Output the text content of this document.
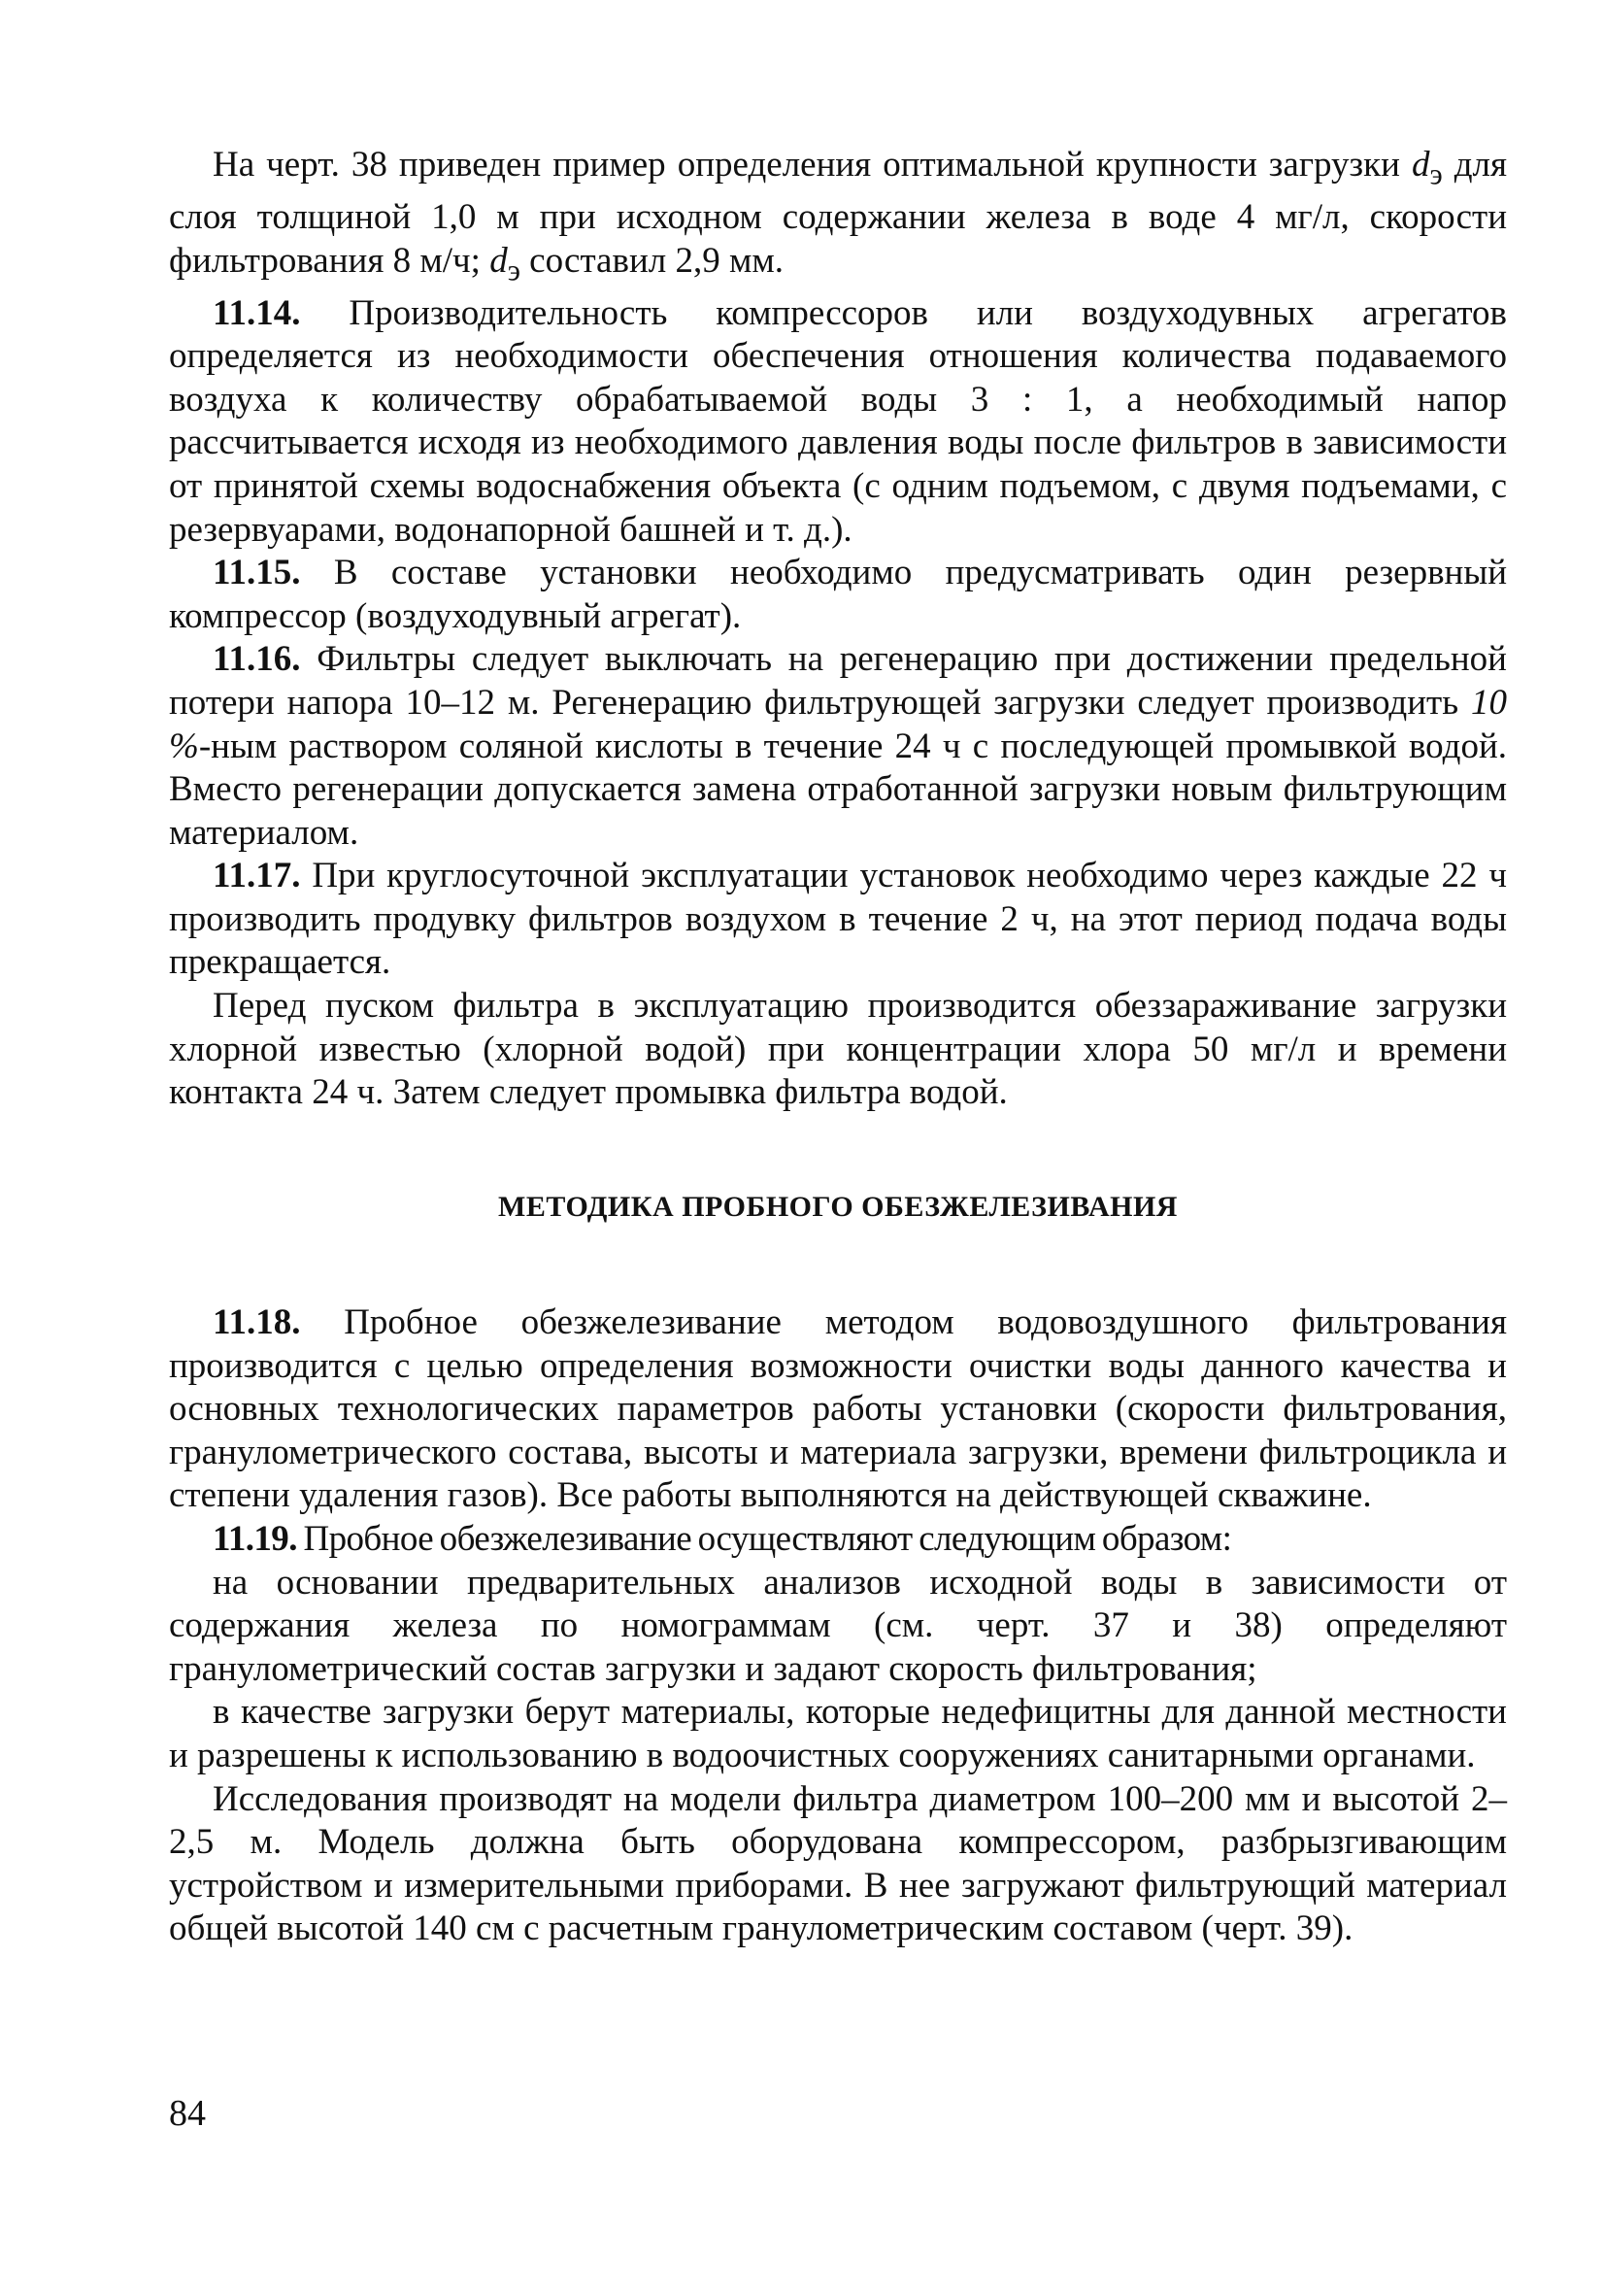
На черт. 38 приведен пример определения оптимальной крупности загрузки $d_э$ для слоя толщиной 1,0 м при исходном содержании железа в воде 4 мг/л, скорости фильтрования 8 м/ч; $d_э$ составил 2,9 мм.

11.14. Производительность компрессоров или воздуходувных агрегатов определяется из необходимости обеспечения отношения количества подаваемого воздуха к количеству обрабатываемой воды 3 : 1, а необходимый напор рассчитывается исходя из необходимого давления воды после фильтров в зависимости от принятой схемы водоснабжения объекта (с одним подъемом, с двумя подъемами, с резервуарами, водонапорной башней и т. д.).

11.15. В составе установки необходимо предусматривать один резервный компрессор (воздуходувный агрегат).

11.16. Фильтры следует выключать на регенерацию при достижении предельной потери напора 10–12 м. Регенерацию фильтрующей загрузки следует производить 10 %-ным раствором соляной кислоты в течение 24 ч с последующей промывкой водой. Вместо регенерации допускается замена отработанной загрузки новым фильтрующим материалом.

11.17. При круглосуточной эксплуатации установок необходимо через каждые 22 ч производить продувку фильтров воздухом в течение 2 ч, на этот период подача воды прекращается.

Перед пуском фильтра в эксплуатацию производится обеззараживание загрузки хлорной известью (хлорной водой) при концентрации хлора 50 мг/л и времени контакта 24 ч. Затем следует промывка фильтра водой.

МЕТОДИКА ПРОБНОГО ОБЕЗЖЕЛЕЗИВАНИЯ

11.18. Пробное обезжелезивание методом водовоздушного фильтрования производится с целью определения возможности очистки воды данного качества и основных технологических параметров работы установки (скорости фильтрования, гранулометрического состава, высоты и материала загрузки, времени фильтроцикла и степени удаления газов). Все работы выполняются на действующей скважине.

11.19. Пробное обезжелезивание осуществляют следующим образом:

на основании предварительных анализов исходной воды в зависимости от содержания железа по номограммам (см. черт. 37 и 38) определяют гранулометрический состав загрузки и задают скорость фильтрования;

в качестве загрузки берут материалы, которые недефицитны для данной местности и разрешены к использованию в водоочистных сооружениях санитарными органами.

Исследования производят на модели фильтра диаметром 100–200 мм и высотой 2–2,5 м. Модель должна быть оборудована компрессором, разбрызгивающим устройством и измерительными приборами. В нее загружают фильтрующий материал общей высотой 140 см с расчетным гранулометрическим составом (черт. 39).

84
